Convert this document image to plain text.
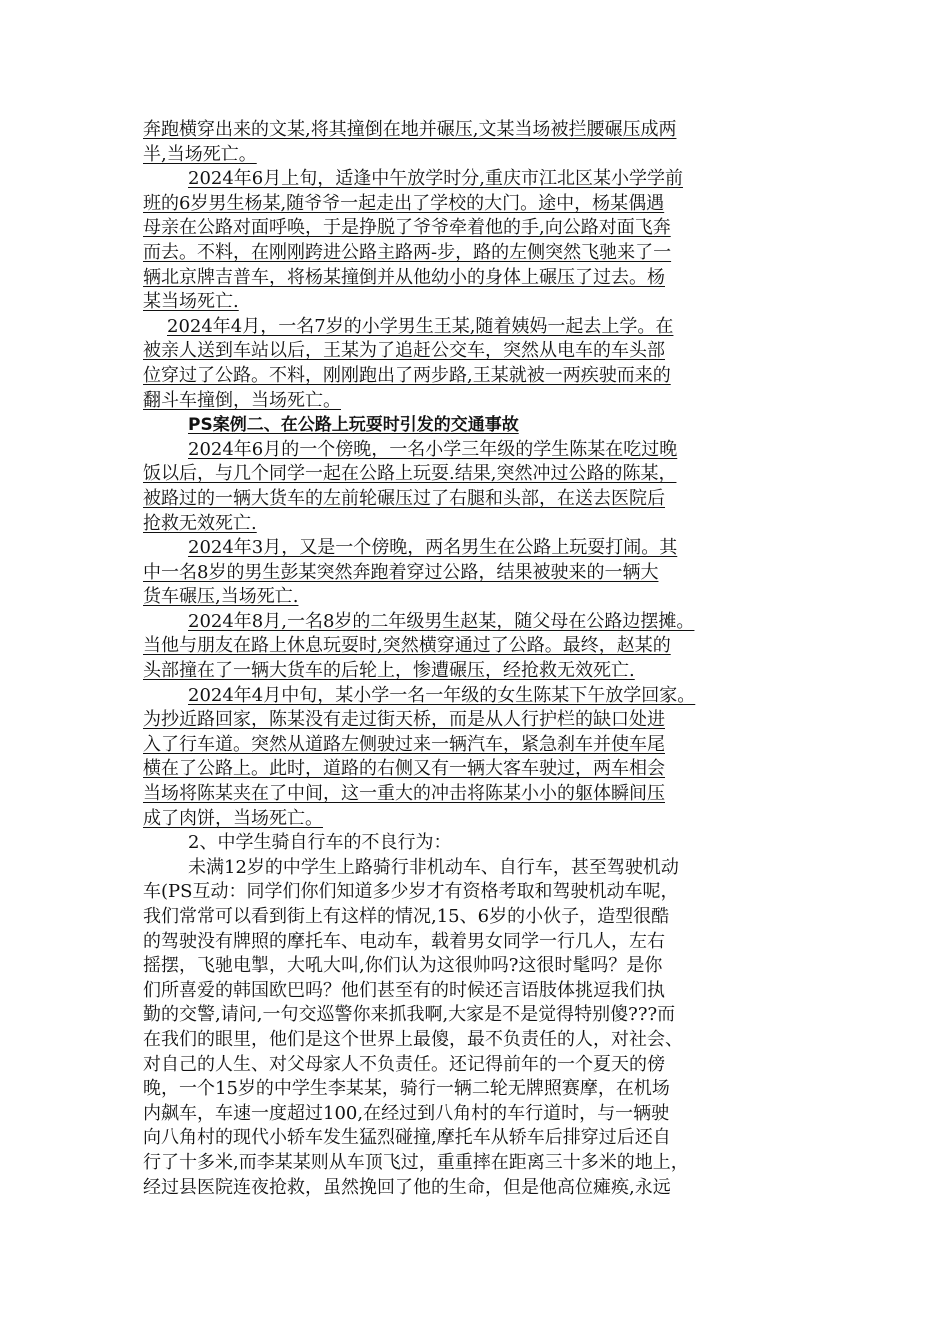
奔跑横穿出来的文某,将其撞倒在地并碾压,文某当场被拦腰碾压成两
半,当场死亡。
2024年6月上旬，适逢中午放学时分,重庆市江北区某小学学前
班的6岁男生杨某,随爷爷一起走出了学校的大门。途中，杨某偶遇
母亲在公路对面呼唤，于是挣脱了爷爷牵着他的手,向公路对面飞奔
而去。不料，在刚刚跨进公路主路两-步，路的左侧突然飞驰来了一
辆北京牌吉普车，将杨某撞倒并从他幼小的身体上碾压了过去。杨
某当场死亡.
2024年4月，一名7岁的小学男生王某,随着姨妈一起去上学。在
被亲人送到车站以后，王某为了追赶公交车，突然从电车的车头部
位穿过了公路。不料，刚刚跑出了两步路,王某就被一两疾驶而来的
翻斗车撞倒，当场死亡。
PS案例二、在公路上玩耍时引发的交通事故
2024年6月的一个傍晚，一名小学三年级的学生陈某在吃过晚
饭以后，与几个同学一起在公路上玩耍.结果,突然冲过公路的陈某，
被路过的一辆大货车的左前轮碾压过了右腿和头部，在送去医院后
抢救无效死亡.
2024年3月，又是一个傍晚，两名男生在公路上玩耍打闹。其
中一名8岁的男生彭某突然奔跑着穿过公路，结果被驶来的一辆大
货车碾压,当场死亡.
2024年8月,一名8岁的二年级男生赵某，随父母在公路边摆摊。
当他与朋友在路上休息玩耍时,突然横穿通过了公路。最终，赵某的
头部撞在了一辆大货车的后轮上，惨遭碾压，经抢救无效死亡.
2024年4月中旬，某小学一名一年级的女生陈某下午放学回家。
为抄近路回家，陈某没有走过街天桥，而是从人行护栏的缺口处进
入了行车道。突然从道路左侧驶过来一辆汽车，紧急刹车并使车尾
横在了公路上。此时，道路的右侧又有一辆大客车驶过，两车相会
当场将陈某夹在了中间，这一重大的冲击将陈某小小的躯体瞬间压
成了肉饼，当场死亡。
2、中学生骑自行车的不良行为：
未满12岁的中学生上路骑行非机动车、自行车，甚至驾驶机动
车(PS互动：同学们你们知道多少岁才有资格考取和驾驶机动车呢，
我们常常可以看到街上有这样的情况,15、6岁的小伙子，造型很酷
的驾驶没有牌照的摩托车、电动车，载着男女同学一行几人，左右
摇摆，飞驰电掣，大吼大叫,你们认为这很帅吗?这很时髦吗？是你
们所喜爱的韩国欧巴吗？他们甚至有的时候还言语肢体挑逗我们执
勤的交警,请问,一句交巡警你来抓我啊,大家是不是觉得特别傻???而
在我们的眼里，他们是这个世界上最傻，最不负责任的人，对社会、
对自己的人生、对父母家人不负责任。还记得前年的一个夏天的傍
晚，一个15岁的中学生李某某，骑行一辆二轮无牌照赛摩，在机场
内飙车，车速一度超过100,在经过到八角村的车行道时，与一辆驶
向八角村的现代小轿车发生猛烈碰撞,摩托车从轿车后排穿过后还自
行了十多米,而李某某则从车顶飞过，重重摔在距离三十多米的地上，
经过县医院连夜抢救，虽然挽回了他的生命，但是他高位瘫痪,永远
